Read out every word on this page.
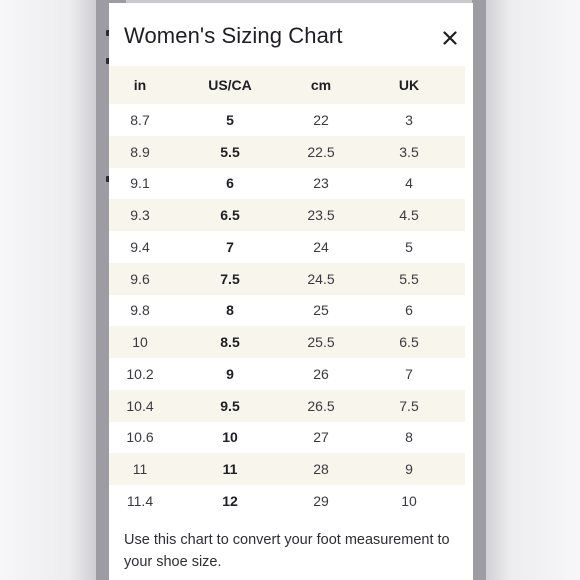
Women's Sizing Chart
in	US/CA	cm	UK
8.7	5	22	3
8.9	5.5	22.5	3.5
9.1	6	23	4
9.3	6.5	23.5	4.5
9.4	7	24	5
9.6	7.5	24.5	5.5
9.8	8	25	6
10	8.5	25.5	6.5
10.2	9	26	7
10.4	9.5	26.5	7.5
10.6	10	27	8
11	11	28	9
11.4	12	29	10

Use this chart to convert your foot measurement to your shoe size.
